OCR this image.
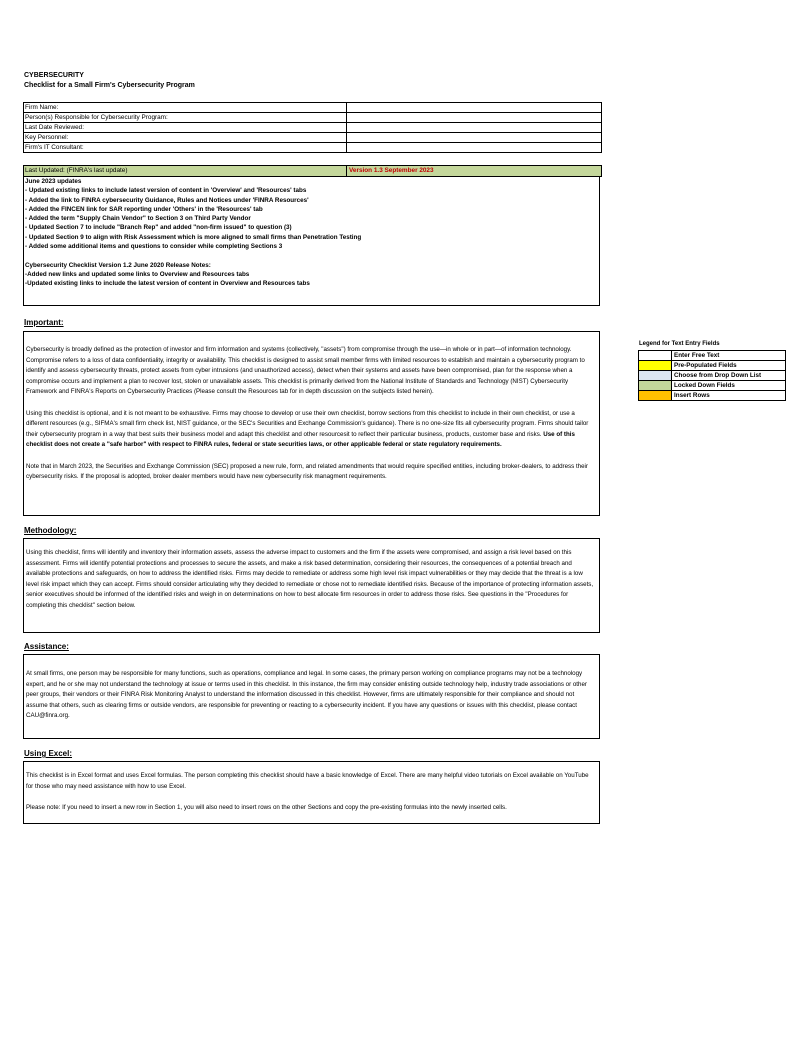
CYBERSECURITY
Checklist for a Small Firm's Cybersecurity Program
Firm Name:	
Person(s) Responsible for Cybersecurity Program:	
Last Date Reviewed:	
Key Personnel:	
Firm's IT Consultant:	
Last Updated: (FINRA's last update)	Version 1.3 September 2023
June 2023 updates
- Updated existing links to include latest version of content in 'Overview' and 'Resources' tabs
- Added the link to FINRA cybersecurity Guidance, Rules and Notices under 'FINRA Resources'
- Added the FINCEN link for SAR reporting under 'Others' in the 'Resources' tab
- Added the term "Supply Chain Vendor" to Section 3 on Third Party Vendor
- Updated Section 7 to include "Branch Rep" and added "non-firm issued" to question (3)
- Updated Section 9 to align with Risk Assessment which is more aligned to small firms than Penetration Testing
- Added some additional items and questions to consider while completing Sections 3

Cybersecurity Checklist Version 1.2 June 2020 Release Notes:
-Added new links and updated some links to Overview and Resources tabs
-Updated existing links to include the latest version of content in Overview and Resources tabs
Important:

Cybersecurity is broadly defined as the protection of investor and firm information and systems (collectively, "assets") from compromise through the use—in whole or in part—of information technology. Compromise refers to a loss of data confidentiality, integrity or availability. This checklist is designed to assist small member firms with limited resources to establish and maintain a cybersecurity program to identify and assess cybersecurity threats, protect assets from cyber intrusions (and unauthorized access), detect when their systems and assets have been compromised, plan for the response when a compromise occurs and implement a plan to recover lost, stolen or unavailable assets. This checklist is primarily derived from the National Institute of Standards and Technology (NIST) Cybersecurity Framework and FINRA's Reports on Cybersecurity Practices (Please consult the Resources tab for in depth discussion on the subjects listed herein).

Using this checklist is optional, and it is not meant to be exhaustive. Firms may choose to develop or use their own checklist, borrow sections from this checklist to include in their own checklist, or use a different resources (e.g., SIFMA's small firm check list, NIST guidance, or the SEC's Securities and Exchange Commission's guidance). There is no one-size fits all cybersecurity program. Firms should tailor their cybersecurity program in a way that best suits their business model and adapt this checklist and other resourcesit to reflect their particular business, products, customer base and risks. Use of this checklist does not create a "safe harbor" with respect to FINRA rules, federal or state securities laws, or other applicable federal or state regulatory requirements.

Note that in March 2023, the Securities and Exchange Commission (SEC) proposed a new rule, form, and related amendments that would require specified entities, including broker-dealers, to address their cybersecurity risks. If the proposal is adopted, broker dealer members would have new cybersecurity risk managment requirements.

Methodology:

Using this checklist, firms will identify and inventory their information assets, assess the adverse impact to customers and the firm if the assets were compromised, and assign a risk level based on this assessment. Firms will identify potential protections and processes to secure the assets, and make a risk based determination, considering their resources, the consequences of a potential breach and available protections and safeguards, on how to address the identified risks. Firms may decide to remediate or address some high level risk impact vulnerabilities or they may decide that the threat is a low level risk impact which they can accept. Firms should consider articulating why they decided to remediate or chose not to remediate identified risks. Because of the importance of protecting information assets, senior executives should be informed of the identified risks and weigh in on determinations on how to best allocate firm resources in order to address those risks. See questions in the "Procedures for completing this checklist" section below.

Assistance:

At small firms, one person may be responsible for many functions, such as operations, compliance and legal. In some cases, the primary person working on compliance programs may not be a technology expert, and he or she may not understand the technology at issue or terms used in this checklist. In this instance, the firm may consider enlisting outside technology help, industry trade associations or other peer groups, their vendors or their FINRA Risk Monitoring Analyst to understand the information discussed in this checklist. However, firms are ultimately responsible for their compliance and should not assume that others, such as clearing firms or outside vendors, are responsible for preventing or reacting to a cybersecurity incident. If you have any questions or issues with this checklist, please contact CAU@finra.org.

Using Excel:

This checklist is in Excel format and uses Excel formulas. The person completing this checklist should have a basic knowledge of Excel. There are many helpful video tutorials on Excel available on YouTube for those who may need assistance with how to use Excel.

Please note: If you need to insert a new row in Section 1, you will also need to insert rows on the other Sections and copy the pre-existing formulas into the newly inserted cells.

Legend for Text Entry Fields
	Enter Free Text
	Pre-Populated Fields
	Choose from Drop Down List
	Locked Down Fields
	Insert Rows
